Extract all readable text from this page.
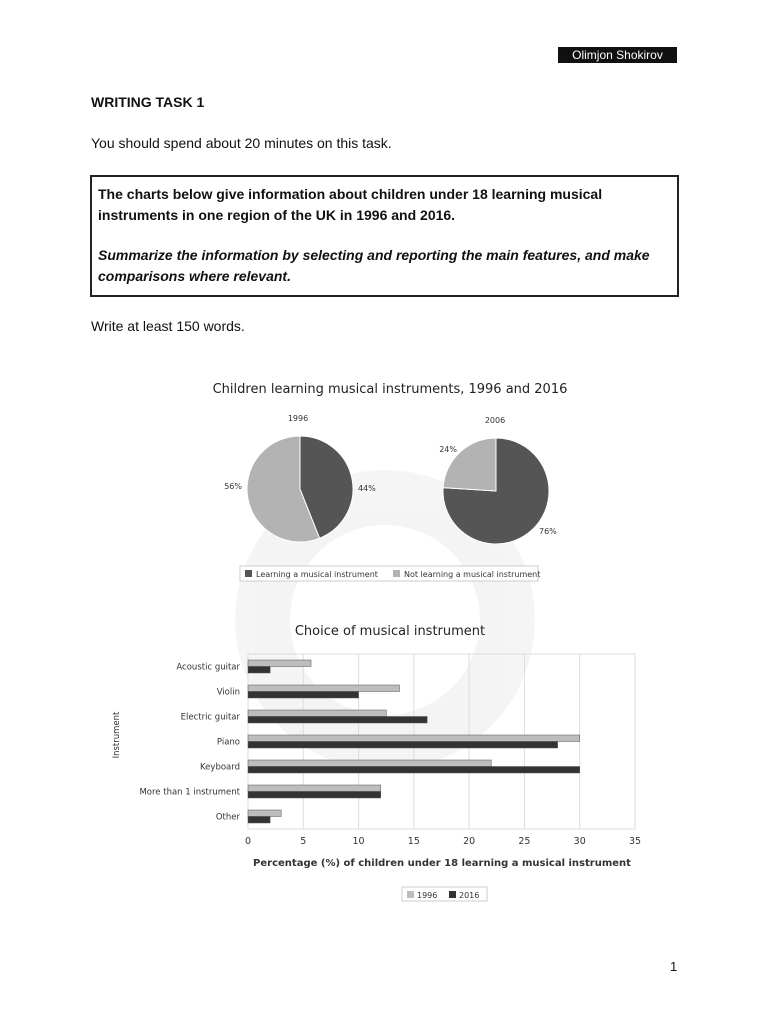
Olimjon Shokirov
WRITING TASK 1
You should spend about 20 minutes on this task.
The charts below give information about children under 18 learning musical instruments in one region of the UK in 1996 and 2016.
Summarize the information by selecting and reporting the main features, and make comparisons where relevant.
Write at least 150 words.
Children learning musical instruments, 1996 and 2016
1996	2006
44%
56%
76%
24%
Learning a musical instrument	Not learning a musical instrument
Choice of musical instrument
Acoustic guitar
Violin
Electric guitar
Piano
Keyboard
More than 1 instrument
Other
0	5	10	15	20	25	30	35
Instrument
Percentage (%) of children under 18 learning a musical instrument
1996	2016
1
